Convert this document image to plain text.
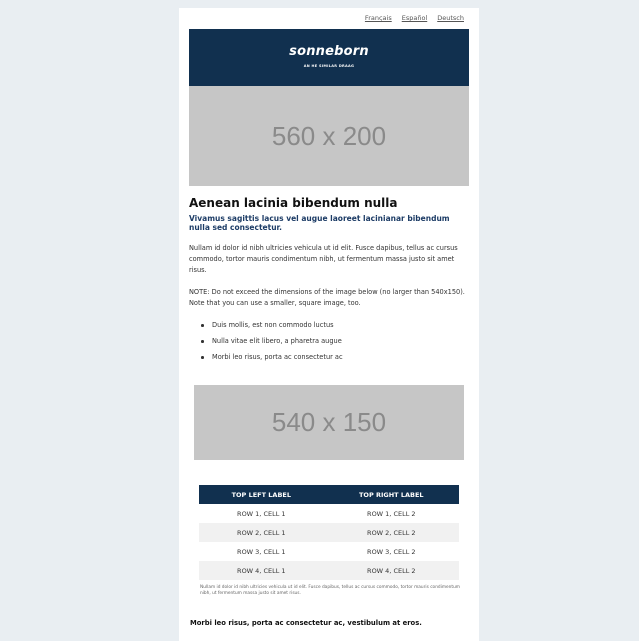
Français Español Deutsch
sonneborn
AN HE SIMILAR DRAAG
560 x 200
Aenean lacinia bibendum nulla
Vivamus sagittis lacus vel augue laoreet lacinianar bibendum nulla sed consectetur.
Nullam id dolor id nibh ultricies vehicula ut id elit. Fusce dapibus, tellus ac cursus commodo, tortor mauris condimentum nibh, ut fermentum massa justo sit amet risus.
NOTE: Do not exceed the dimensions of the image below (no larger than 540x150). Note that you can use a smaller, square image, too.
Duis mollis, est non commodo luctus
Nulla vitae elit libero, a pharetra augue
Morbi leo risus, porta ac consectetur ac
540 x 150
TOP LEFT LABEL	TOP RIGHT LABEL
ROW 1, CELL 1	ROW 1, CELL 2
ROW 2, CELL 1	ROW 2, CELL 2
ROW 3, CELL 1	ROW 3, CELL 2
ROW 4, CELL 1	ROW 4, CELL 2
Nullam id dolor id nibh ultricies vehicula ut id elit. Fusce dapibus, tellus ac cursus commodo, tortor mauris condimentum nibh, ut fermentum massa justo sit amet risus.
Morbi leo risus, porta ac consectetur ac, vestibulum at eros.
